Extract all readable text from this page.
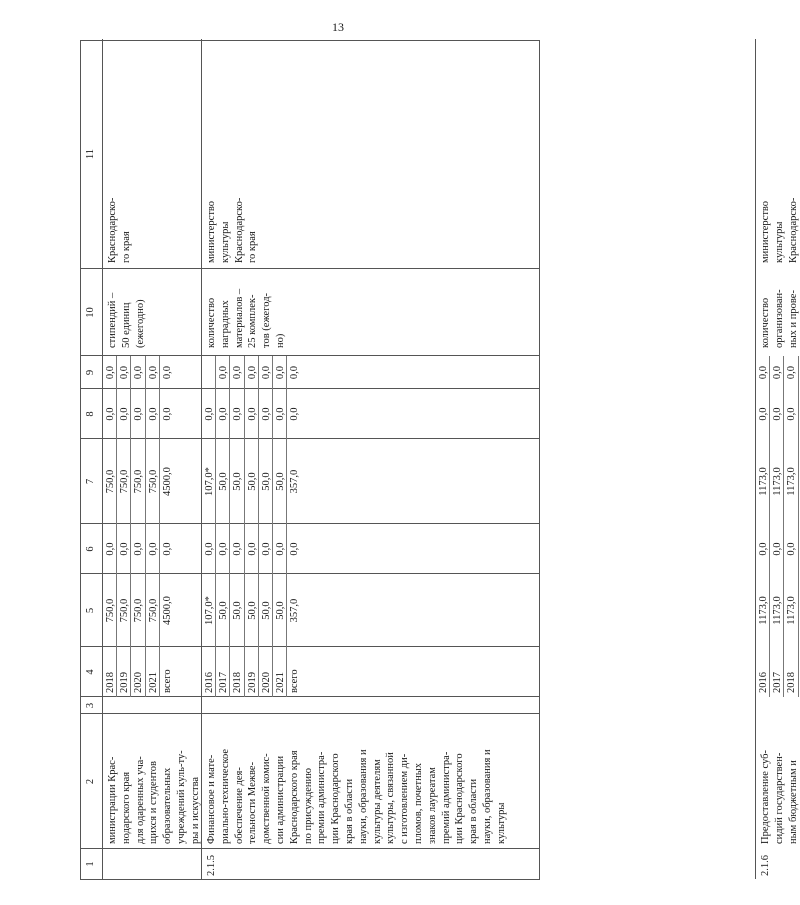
13
1
2
3
4
5
6
7
8
9
10
11
министрации Крас- нодарского края для одаренных уча- щихся и студентов образовательных учреждений куль-ту- ры и искусства
2018
750,0
0,0
750,0
0,0
0,0
2019
750,0
0,0
750,0
0,0
0,0
2020
750,0
0,0
750,0
0,0
0,0
2021
750,0
0,0
750,0
0,0
0,0
всего
4500,0
0,0
4500,0
0,0
0,0
стипендий – 50 единиц (ежегодно)
Краснодарско- го края
2.1.5
Финансовое и мате- риально-техническое обеспечение дея- тельности Межве- домственной комис- сии администрации Краснодарского края по присуждению премии администра- ции Краснодарского края в области науки, образования и культуры деятелям культуры, связанной с изготовлением ди- пломов, почетных знаков лауреатам премий администра- ции Краснодарского края в области науки, образования и культуры
2016
107,0*
0,0
107,0*
0,0
2017
50,0
0,0
50,0
0,0
0,0
2018
50,0
0,0
50,0
0,0
0,0
2019
50,0
0,0
50,0
0,0
0,0
2020
50,0
0,0
50,0
0,0
0,0
2021
50,0
0,0
50,0
0,0
0,0
всего
357,0
0,0
357,0
0,0
0,0
количество наградных материалов – 25 комплек- тов (ежегод- но)
министерство культуры Краснодарско- го края
2.1.6
Предоставление суб- сидий государствен- ным бюджетным и
2016
1173,0
0,0
1173,0
0,0
0,0
2017
1173,0
0,0
1173,0
0,0
0,0
2018
1173,0
0,0
1173,0
0,0
0,0
количество организован- ных и прове-
министерство культуры Краснодарско-
